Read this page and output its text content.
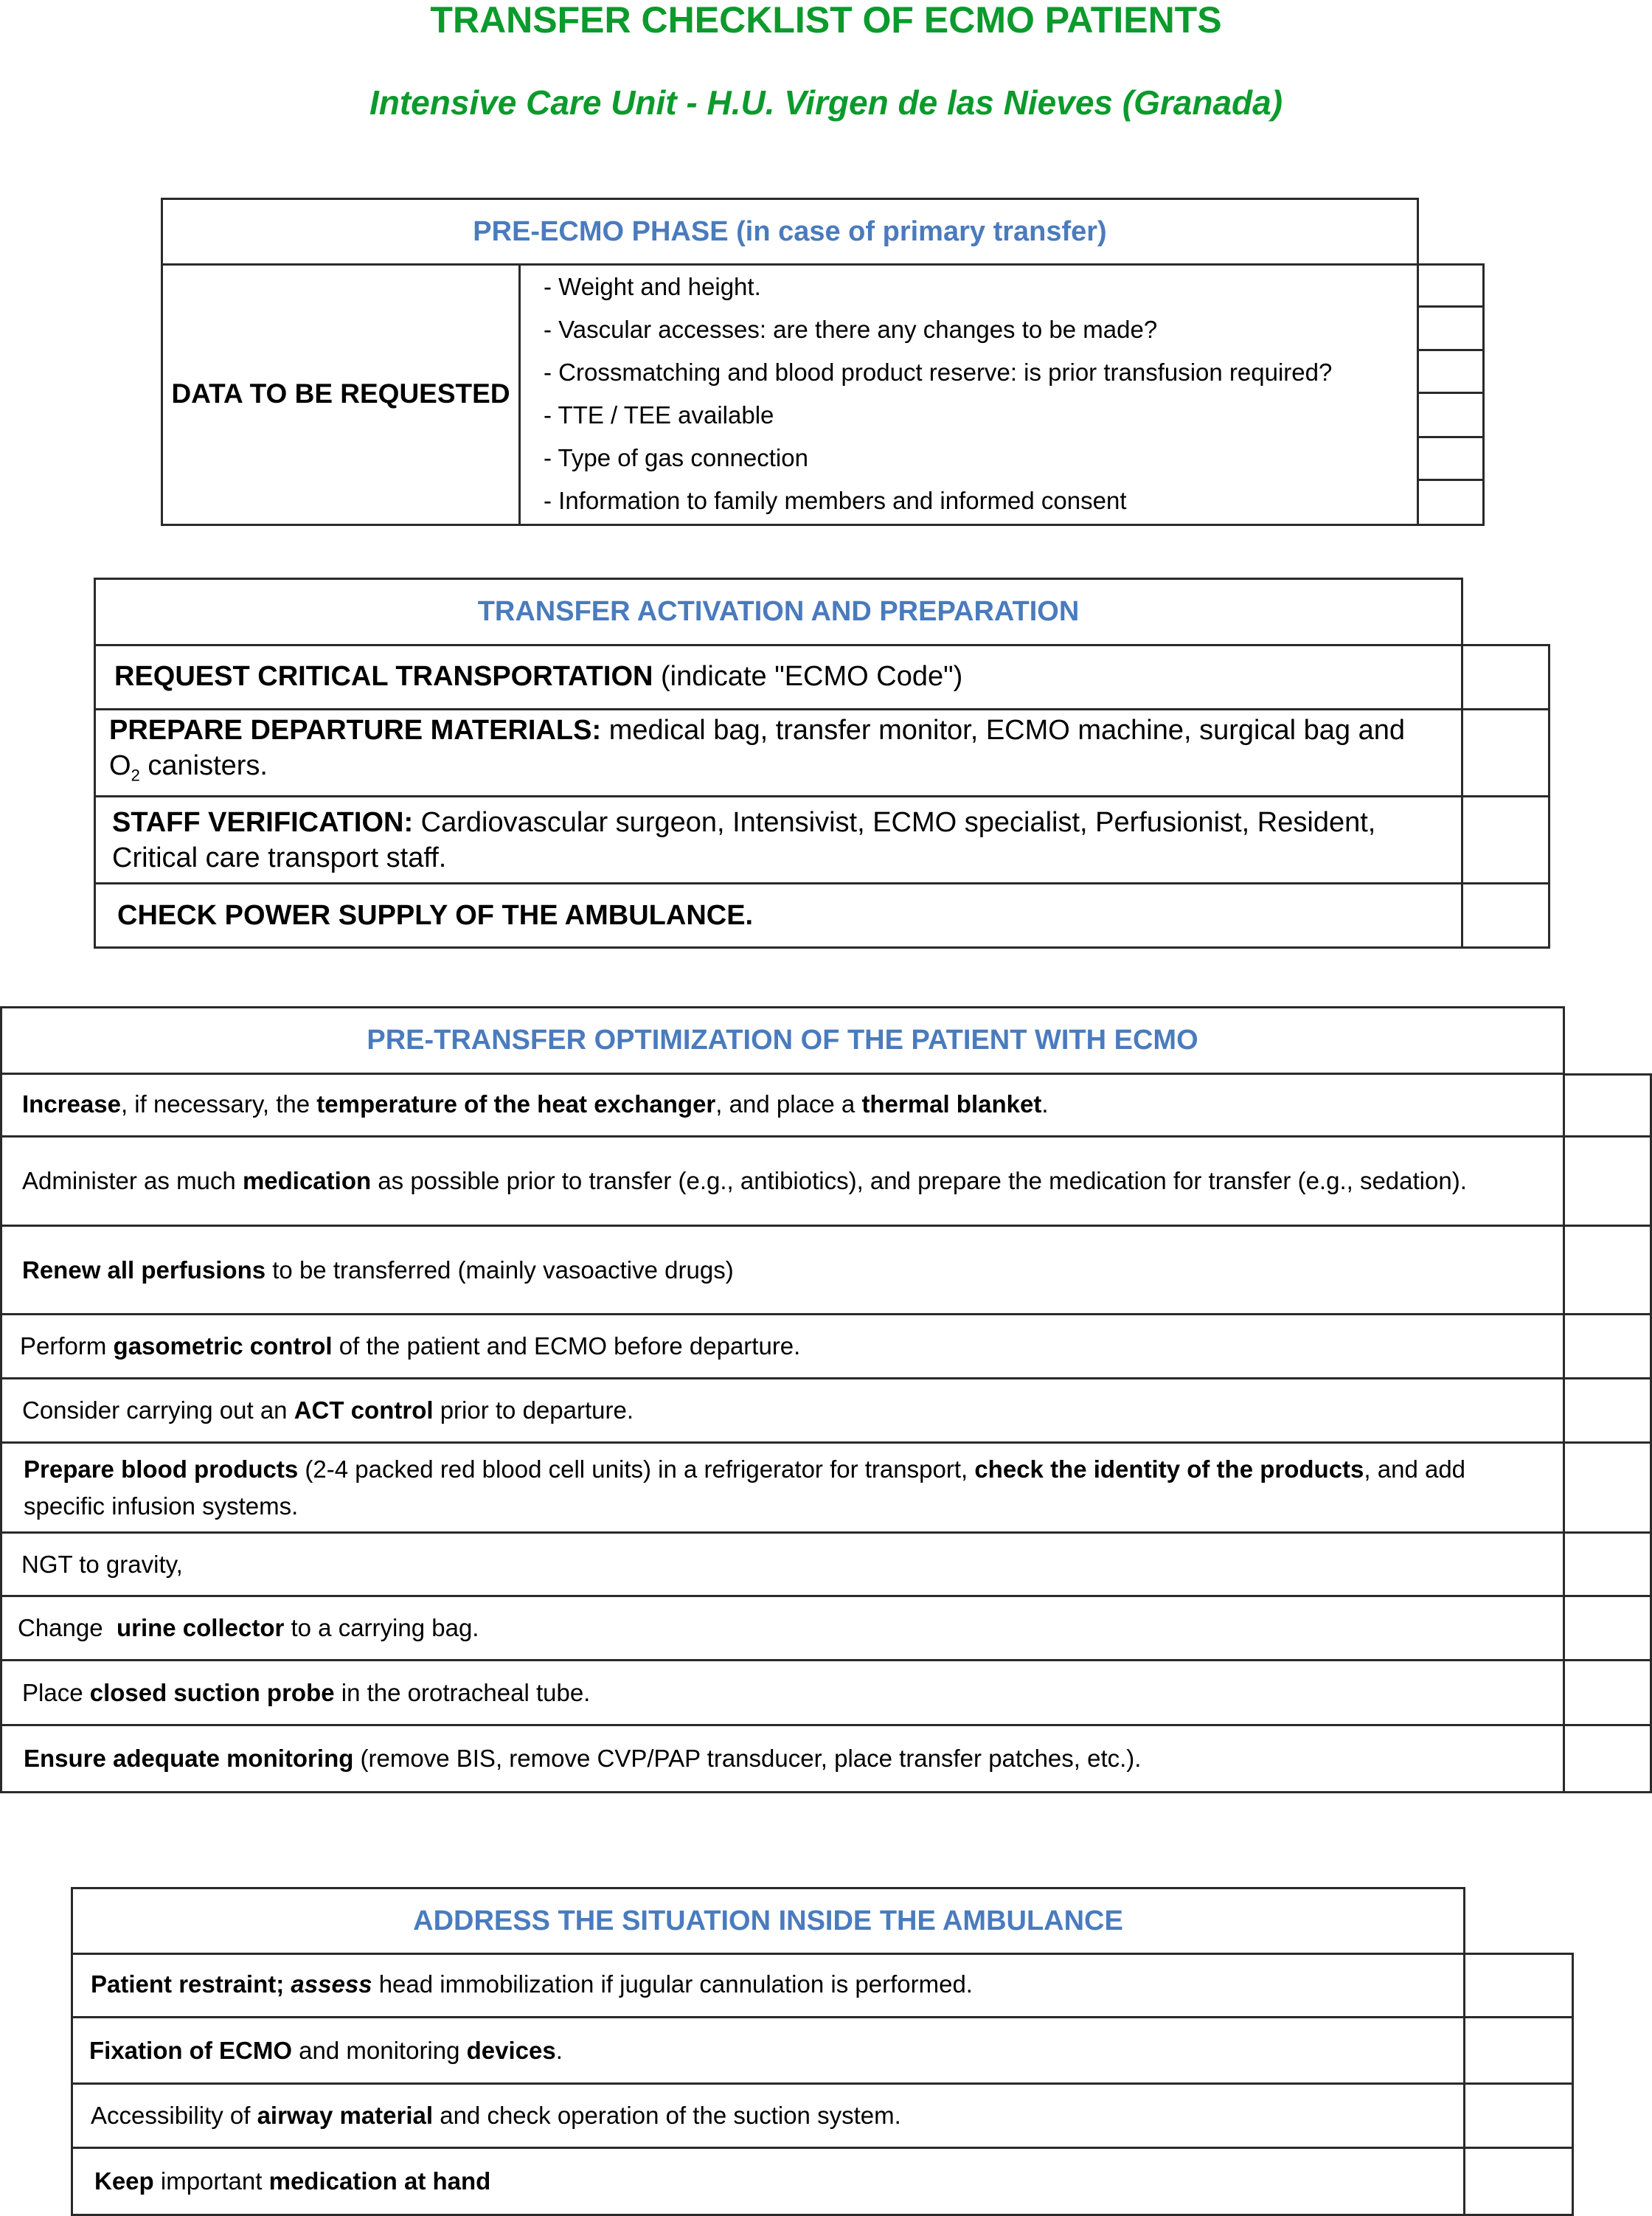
TRANSFER CHECKLIST OF ECMO PATIENTS
Intensive Care Unit - H.U. Virgen de las Nieves (Granada)
PRE-ECMO PHASE (in case of primary transfer)
DATA TO BE REQUESTED
- Weight and height.
- Vascular accesses: are there any changes to be made?
- Crossmatching and blood product reserve: is prior transfusion required?
- TTE / TEE available
- Type of gas connection
- Information to family members and informed consent
TRANSFER ACTIVATION AND PREPARATION
REQUEST CRITICAL TRANSPORTATION (indicate "ECMO Code")
PREPARE DEPARTURE MATERIALS: medical bag, transfer monitor, ECMO machine, surgical bag and $O_2$ canisters.
STAFF VERIFICATION: Cardiovascular surgeon, Intensivist, ECMO specialist, Perfusionist, Resident, Critical care transport staff.
CHECK POWER SUPPLY OF THE AMBULANCE.
PRE-TRANSFER OPTIMIZATION OF THE PATIENT WITH ECMO
Increase, if necessary, the temperature of the heat exchanger, and place a thermal blanket.
Administer as much medication as possible prior to transfer (e.g., antibiotics), and prepare the medication for transfer (e.g., sedation).
Renew all perfusions to be transferred (mainly vasoactive drugs)
Perform gasometric control of the patient and ECMO before departure.
Consider carrying out an ACT control prior to departure.
Prepare blood products (2-4 packed red blood cell units) in a refrigerator for transport, check the identity of the products, and add specific infusion systems.
NGT to gravity,
Change  urine collector to a carrying bag.
Place closed suction probe in the orotracheal tube.
Ensure adequate monitoring (remove BIS, remove CVP/PAP transducer, place transfer patches, etc.).
ADDRESS THE SITUATION INSIDE THE AMBULANCE
Patient restraint; assess head immobilization if jugular cannulation is performed.
Fixation of ECMO and monitoring devices.
Accessibility of airway material and check operation of the suction system.
Keep important medication at hand
